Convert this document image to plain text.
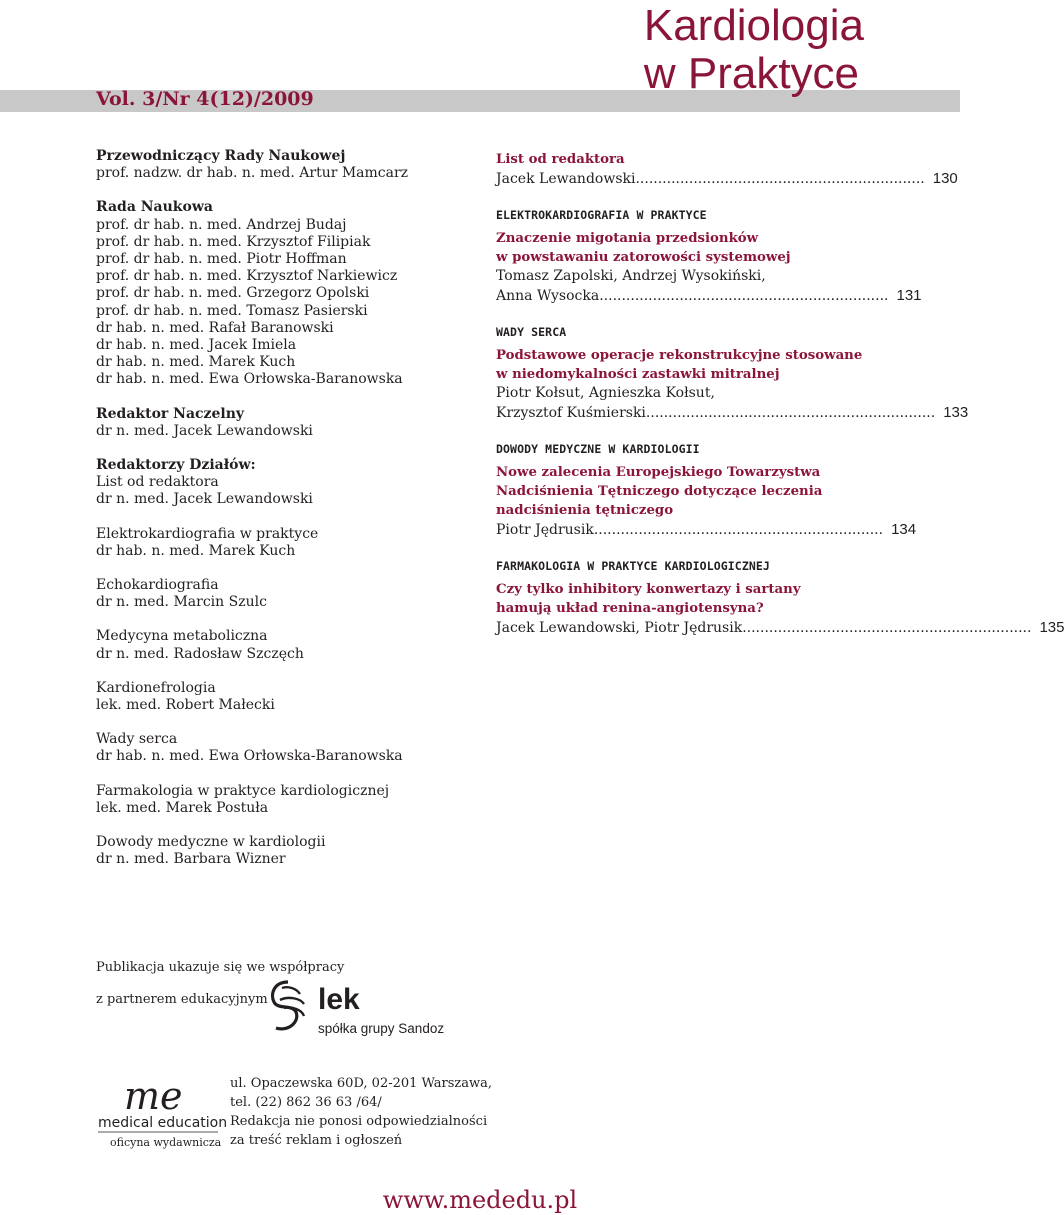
Vol. 3/Nr 4(12)/2009
Kardiologia
w Praktyce
Przewodniczący Rady Naukowej
prof. nadzw. dr hab. n. med. Artur Mamcarz
Rada Naukowa
prof. dr hab. n. med. Andrzej Budaj
prof. dr hab. n. med. Krzysztof Filipiak
prof. dr hab. n. med. Piotr Hoffman
prof. dr hab. n. med. Krzysztof Narkiewicz
prof. dr hab. n. med. Grzegorz Opolski
prof. dr hab. n. med. Tomasz Pasierski
dr hab. n. med. Rafał Baranowski
dr hab. n. med. Jacek Imiela
dr hab. n. med. Marek Kuch
dr hab. n. med. Ewa Orłowska-Baranowska
Redaktor Naczelny
dr n. med. Jacek Lewandowski
Redaktorzy Działów:
List od redaktora
dr n. med. Jacek Lewandowski
Elektrokardiografia w praktyce
dr hab. n. med. Marek Kuch
Echokardiografia
dr n. med. Marcin Szulc
Medycyna metaboliczna
dr n. med. Radosław Szczęch
Kardionefrologia
lek. med. Robert Małecki
Wady serca
dr hab. n. med. Ewa Orłowska-Baranowska
Farmakologia w praktyce kardiologicznej
lek. med. Marek Postuła
Dowody medyczne w kardiologii
dr n. med. Barbara Wizner
List od redaktora
Jacek Lewandowski ................................................................. 130
ELEKTROKARDIOGRAFIA W PRAKTYCE
Znaczenie migotania przedsionków
w powstawaniu zatorowości systemowej
Tomasz Zapolski, Andrzej Wysokiński,
Anna Wysocka ................................................................. 131
WADY SERCA
Podstawowe operacje rekonstrukcyjne stosowane
w niedomykalności zastawki mitralnej
Piotr Kołsut, Agnieszka Kołsut,
Krzysztof Kuśmierski ................................................................. 133
DOWODY MEDYCZNE W KARDIOLOGII
Nowe zalecenia Europejskiego Towarzystwa
Nadciśnienia Tętniczego dotyczące leczenia
nadciśnienia tętniczego
Piotr Jędrusik ................................................................. 134
FARMAKOLOGIA W PRAKTYCE KARDIOLOGICZNEJ
Czy tylko inhibitory konwertazy i sartany
hamują układ renina-angiotensyna?
Jacek Lewandowski, Piotr Jędrusik ................................................................. 135
Publikacja ukazuje się we współpracy
z partnerem edukacyjnym lek
spółka grupy Sandoz
me
medical education
oficyna wydawnicza
ul. Opaczewska 60D, 02-201 Warszawa,
tel. (22) 862 36 63 /64/
Redakcja nie ponosi odpowiedzialności
za treść reklam i ogłoszeń
www.mededu.pl
